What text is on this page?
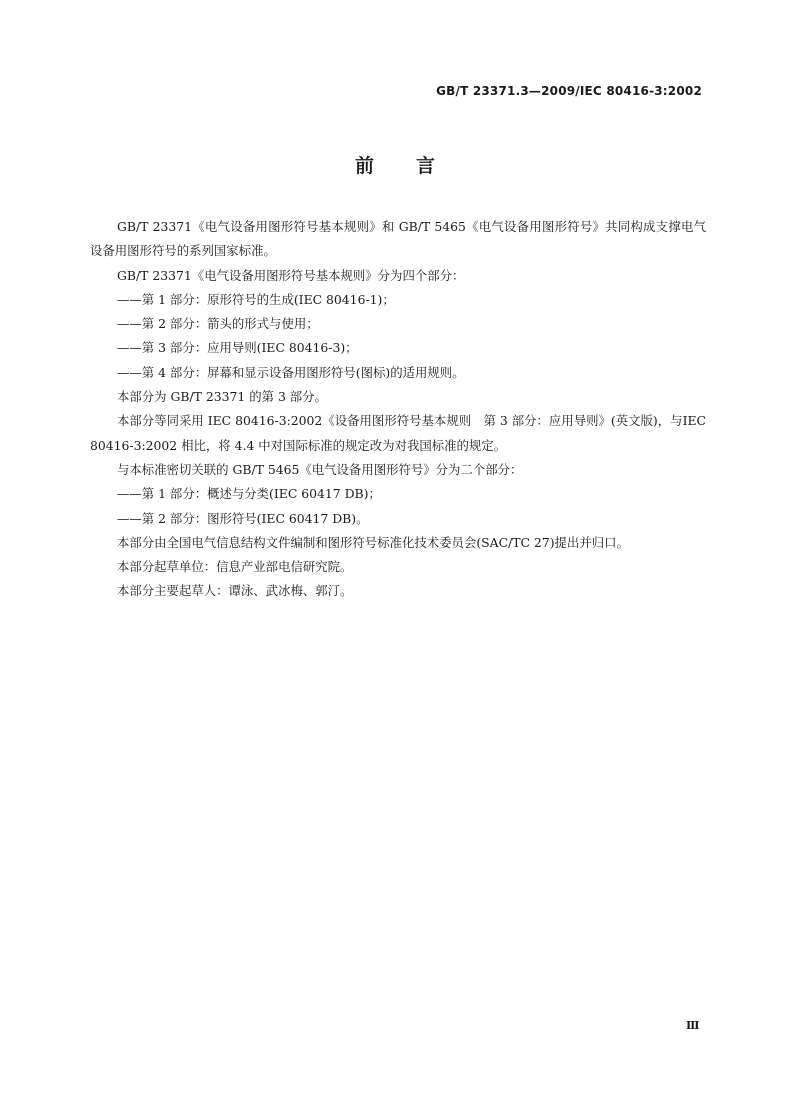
GB/T 23371.3—2009/IEC 80416-3:2002
前 言

GB/T 23371《电气设备用图形符号基本规则》和 GB/T 5465《电气设备用图形符号》共同构成支撑电气设备用图形符号的系列国家标准。

GB/T 23371《电气设备用图形符号基本规则》分为四个部分：

——第 1 部分：原形符号的生成(IEC 80416-1)；

——第 2 部分：箭头的形式与使用；

——第 3 部分：应用导则(IEC 80416-3)；

——第 4 部分：屏幕和显示设备用图形符号(图标)的适用规则。

本部分为 GB/T 23371 的第 3 部分。

本部分等同采用 IEC 80416-3:2002《设备用图形符号基本规则　第 3 部分：应用导则》(英文版)，与IEC 80416-3:2002 相比，将 4.4 中对国际标准的规定改为对我国标准的规定。

与本标准密切关联的 GB/T 5465《电气设备用图形符号》分为二个部分：

——第 1 部分：概述与分类(IEC 60417 DB)；

——第 2 部分：图形符号(IEC 60417 DB)。

本部分由全国电气信息结构文件编制和图形符号标准化技术委员会(SAC/TC 27)提出并归口。

本部分起草单位：信息产业部电信研究院。

本部分主要起草人：谭泳、武冰梅、郭汀。

Ⅲ
